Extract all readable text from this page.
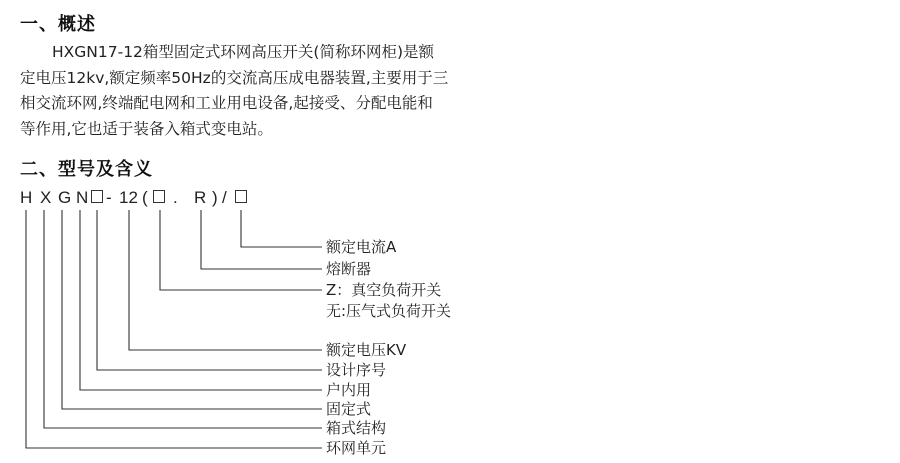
一、概述

HXGN17-12箱型固定式环网高压开关(简称环网柜)是额
定电压12kv,额定频率50Hz的交流高压成电器装置,主要用于三
相交流环网,终端配电网和工业用电设备,起接受、分配电能和
等作用,它也适于装备入箱式变电站。

二、型号及含义
H X G N - 12 ( . R ) /
额定电流A
熔断器
Z：真空负荷开关
无:压气式负荷开关
额定电压KV
设计序号
户内用
固定式
箱式结构
环网单元
